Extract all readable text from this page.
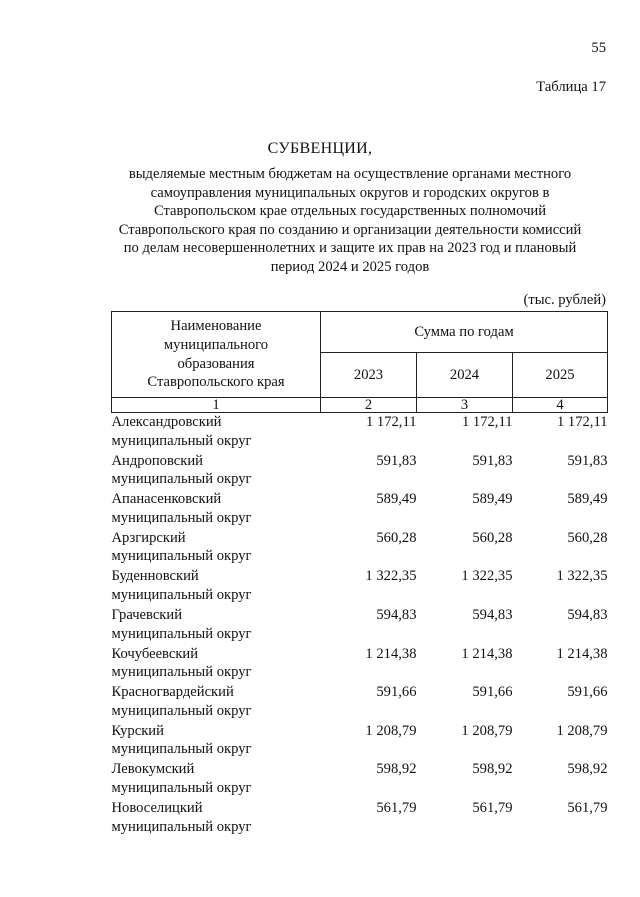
55
Таблица 17
СУБВЕНЦИИ,
выделяемые местным бюджетам на осуществление органами местного
самоуправления муниципальных округов и городских округов в
Ставропольском крае отдельных государственных полномочий
Ставропольского края по созданию и организации деятельности комиссий
по делам несовершеннолетних и защите их прав на 2023 год и плановый
период 2024 и 2025 годов
(тыс. рублей)
Наименование
муниципального
образования
Ставропольского края	Сумма по годам		
	2023	2024	2025
1	2	3	4

Александровский
муниципальный округ	1 172,11	1 172,11	1 172,11

Андроповский
муниципальный округ	591,83	591,83	591,83

Апанасенковский
муниципальный округ	589,49	589,49	589,49

Арзгирский
муниципальный округ	560,28	560,28	560,28

Буденновский
муниципальный округ	1 322,35	1 322,35	1 322,35

Грачевский
муниципальный округ	594,83	594,83	594,83

Кочубеевский
муниципальный округ	1 214,38	1 214,38	1 214,38

Красногвардейский
муниципальный округ	591,66	591,66	591,66

Курский
муниципальный округ	1 208,79	1 208,79	1 208,79

Левокумский
муниципальный округ	598,92	598,92	598,92

Новоселицкий
муниципальный округ	561,79	561,79	561,79
